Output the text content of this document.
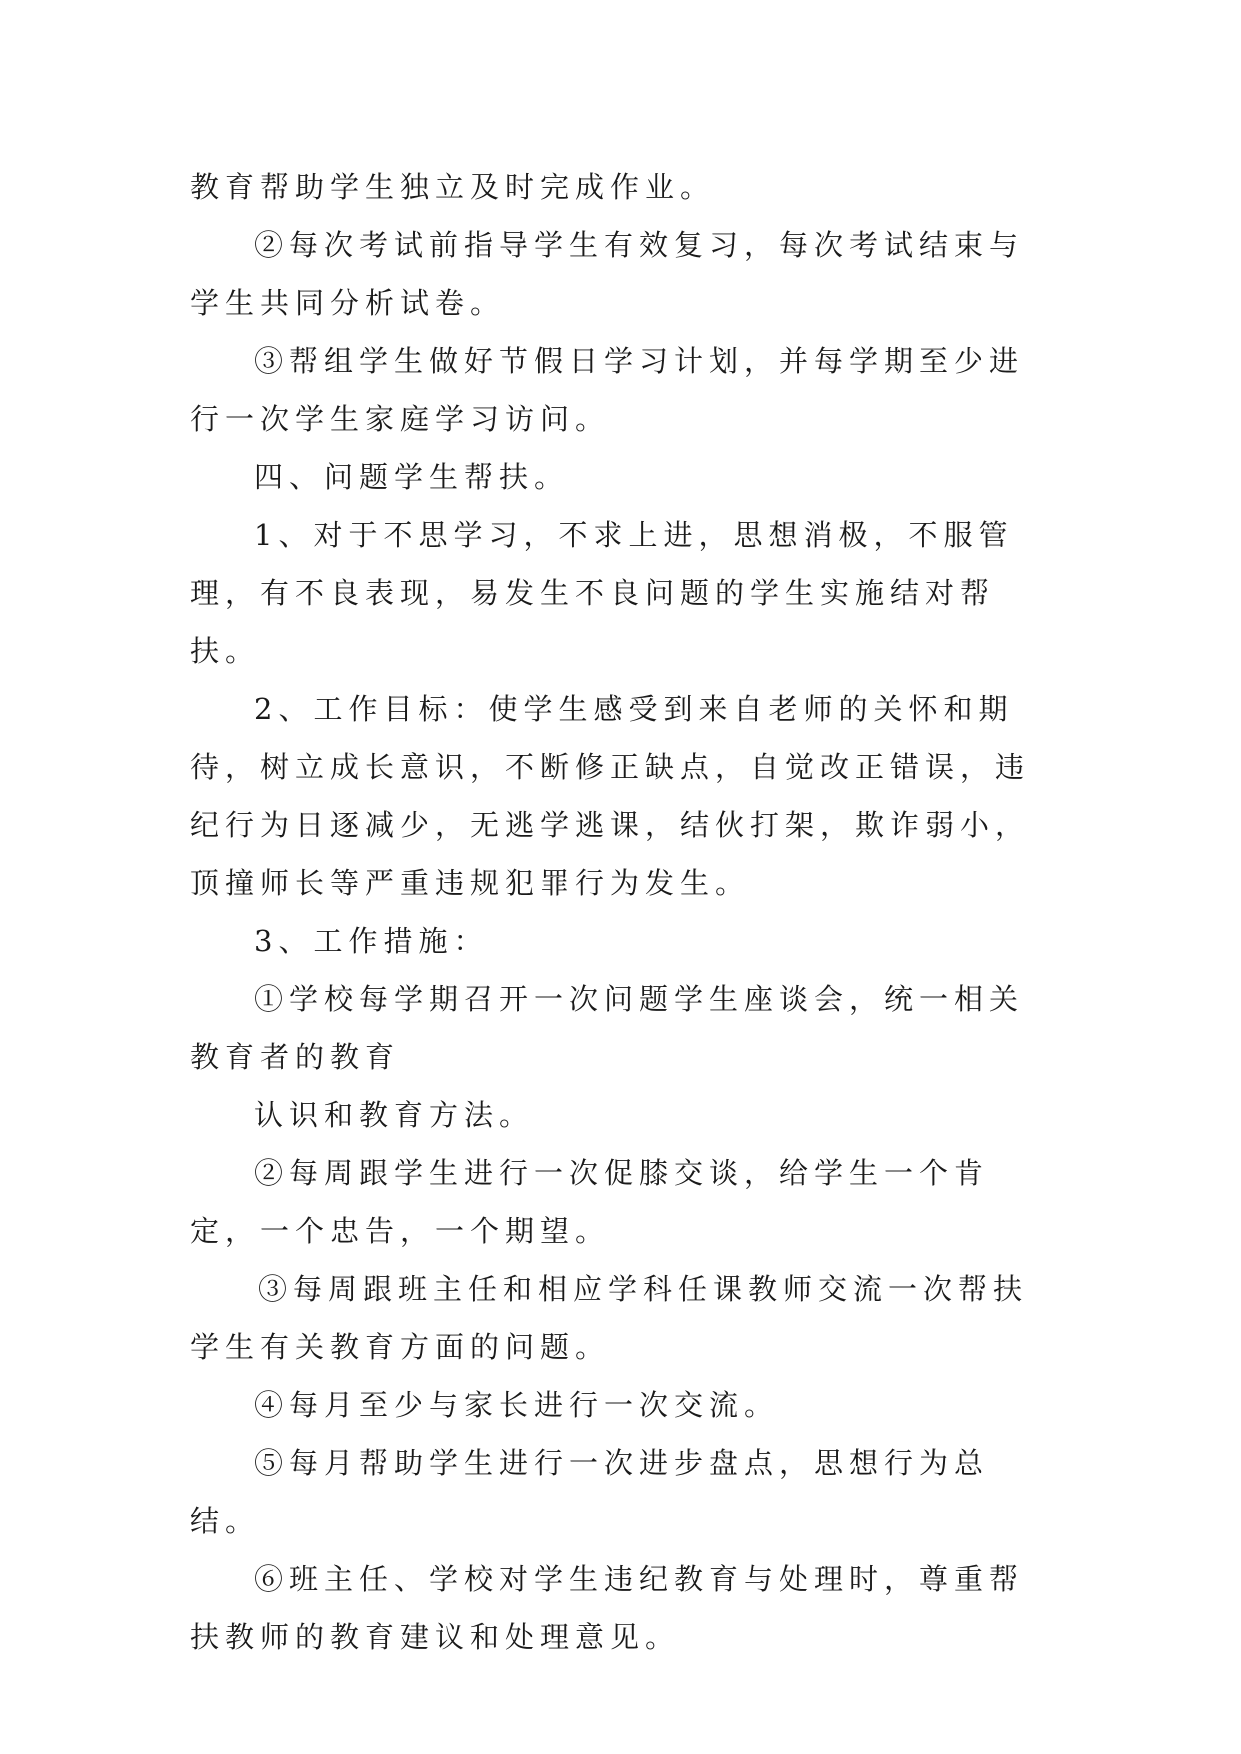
教育帮助学生独立及时完成作业。

②每次考试前指导学生有效复习，每次考试结束与学生共同分析试卷。

③帮组学生做好节假日学习计划，并每学期至少进行一次学生家庭学习访问。

四、问题学生帮扶。

1、对于不思学习，不求上进，思想消极，不服管理，有不良表现，易发生不良问题的学生实施结对帮扶。

2、工作目标：使学生感受到来自老师的关怀和期待，树立成长意识，不断修正缺点，自觉改正错误，违纪行为日逐减少，无逃学逃课，结伙打架，欺诈弱小，顶撞师长等严重违规犯罪行为发生。

3、工作措施：

①学校每学期召开一次问题学生座谈会，统一相关教育者的教育

认识和教育方法。

②每周跟学生进行一次促膝交谈，给学生一个肯定，一个忠告，一个期望。

③每周跟班主任和相应学科任课教师交流一次帮扶学生有关教育方面的问题。

④每月至少与家长进行一次交流。

⑤每月帮助学生进行一次进步盘点，思想行为总结。

⑥班主任、学校对学生违纪教育与处理时，尊重帮扶教师的教育建议和处理意见。
